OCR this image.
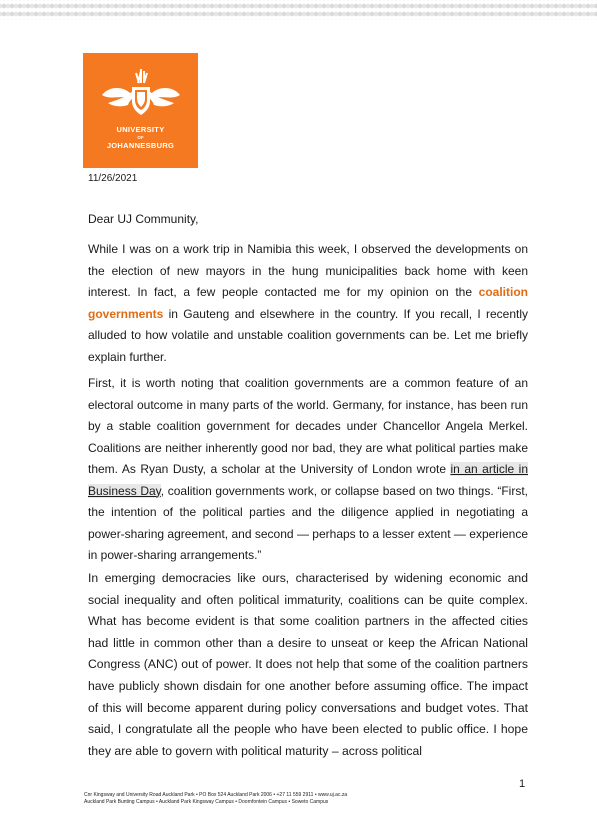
UNIVERSITY
OF
JOHANNESBURG
11/26/2021
Dear UJ Community,

While I was on a work trip in Namibia this week, I observed the developments on the election of new mayors in the hung municipalities back home with keen interest. In fact, a few people contacted me for my opinion on the coalition governments in Gauteng and elsewhere in the country. If you recall, I recently alluded to how volatile and unstable coalition governments can be. Let me briefly explain further.

First, it is worth noting that coalition governments are a common feature of an electoral outcome in many parts of the world. Germany, for instance, has been run by a stable coalition government for decades under Chancellor Angela Merkel. Coalitions are neither inherently good nor bad, they are what political parties make them. As Ryan Dusty, a scholar at the University of London wrote in an article in Business Day, coalition governments work, or collapse based on two things. “First, the intention of the political parties and the diligence applied in negotiating a power-sharing agreement, and second — perhaps to a lesser extent — experience in power-sharing arrangements.”

In emerging democracies like ours, characterised by widening economic and social inequality and often political immaturity, coalitions can be quite complex. What has become evident is that some coalition partners in the affected cities had little in common other than a desire to unseat or keep the African National Congress (ANC) out of power. It does not help that some of the coalition partners have publicly shown disdain for one another before assuming office. The impact of this will become apparent during policy conversations and budget votes. That said, I congratulate all the people who have been elected to public office. I hope they are able to govern with political maturity – across political

1
Cnr Kingsway and University Road Auckland Park • PO Box 524 Auckland Park 2006 • +27 11 559 2911 • www.uj.ac.za
Auckland Park Bunting Campus • Auckland Park Kingsway Campus • Doornfontein Campus • Soweto Campus
